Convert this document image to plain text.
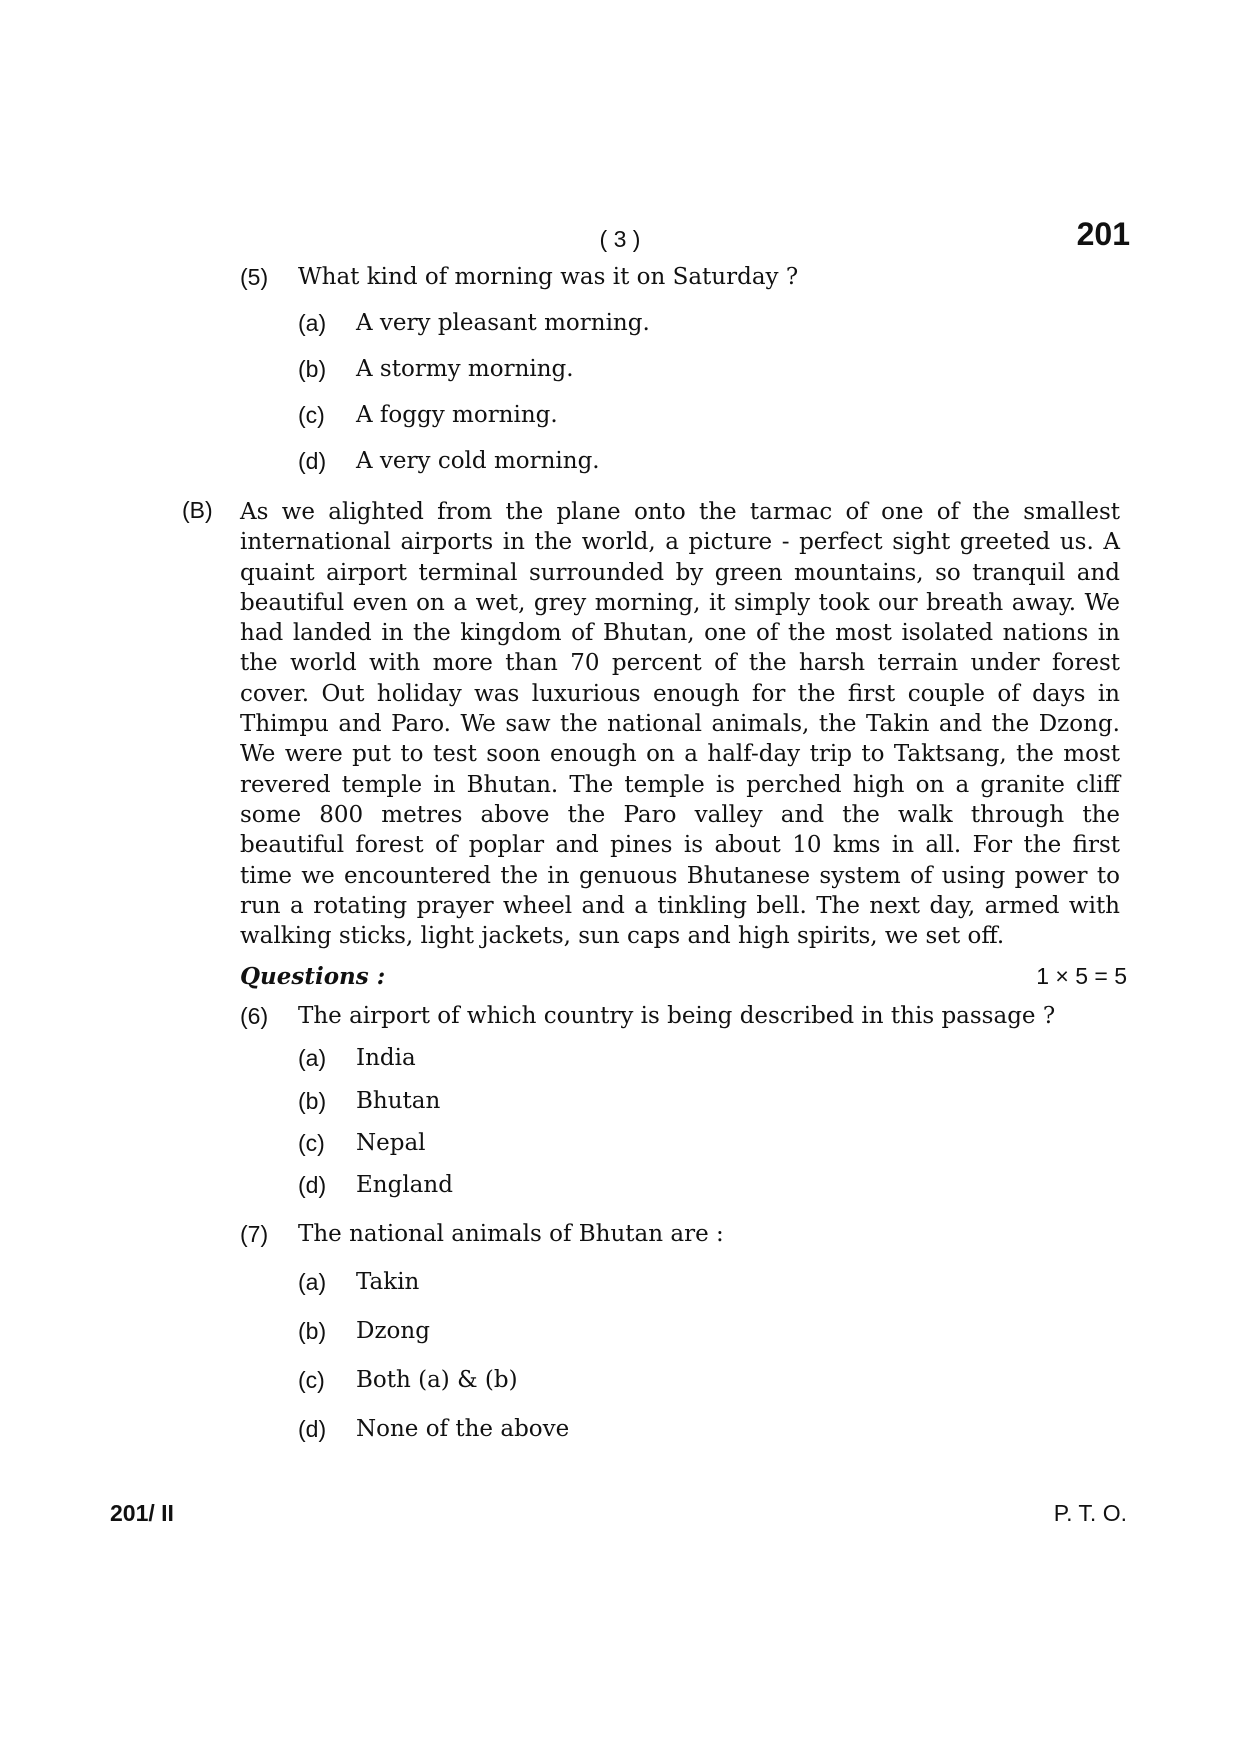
( 3 )	201
(5) What kind of morning was it on Saturday ?
(a) A very pleasant morning.
(b) A stormy morning.
(c) A foggy morning.
(d) A very cold morning.
(B) As we alighted from the plane onto the tarmac of one of the smallest
international airports in the world, a picture - perfect sight greeted us. A
quaint airport terminal surrounded by green mountains, so tranquil and
beautiful even on a wet, grey morning, it simply took our breath away. We
had landed in the kingdom of Bhutan, one of the most isolated nations in
the world with more than 70 percent of the harsh terrain under forest
cover. Out holiday was luxurious enough for the first couple of days in
Thimpu and Paro. We saw the national animals, the Takin and the Dzong.
We were put to test soon enough on a half-day trip to Taktsang, the most
revered temple in Bhutan. The temple is perched high on a granite cliff
some 800 metres above the Paro valley and the walk through the
beautiful forest of poplar and pines is about 10 kms in all. For the first
time we encountered the in genuous Bhutanese system of using power to
run a rotating prayer wheel and a tinkling bell. The next day, armed with
walking sticks, light jackets, sun caps and high spirits, we set off.
Questions :	1 × 5 = 5
(6) The airport of which country is being described in this passage ?
(a) India
(b) Bhutan
(c) Nepal
(d) England
(7) The national animals of Bhutan are :
(a) Takin
(b) Dzong
(c) Both (a) & (b)
(d) None of the above
201/ II	P. T. O.
